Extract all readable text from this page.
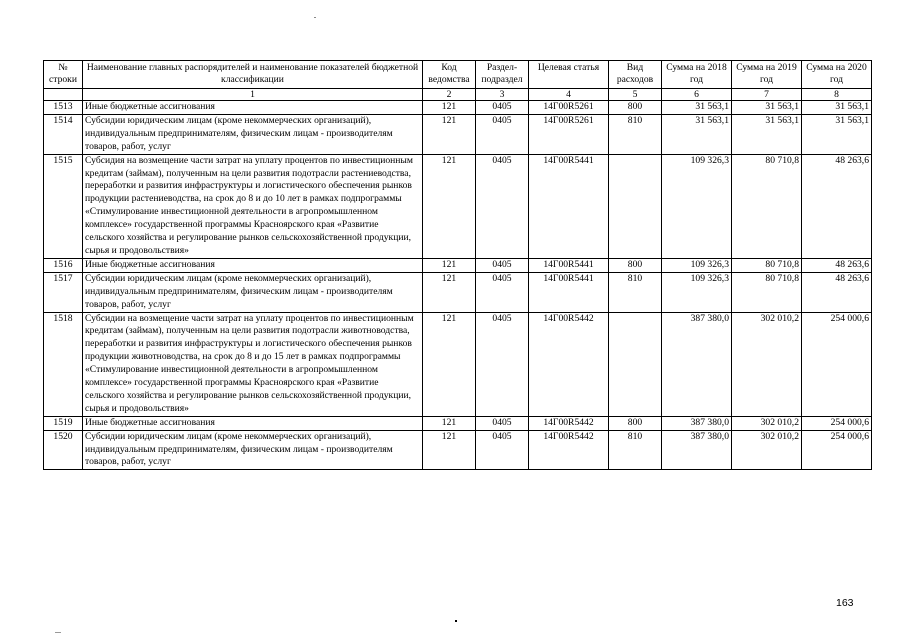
№ строки	Наименование главных распорядителей и наименование показателей бюджетной классификации	Код ведомства	Раздел-подраздел	Целевая статья	Вид расходов	Сумма на 2018 год	Сумма на 2019 год	Сумма на 2020 год
	1	2	3	4	5	6	7	8
1513	Иные бюджетные ассигнования	121	0405	14Г00R5261	800	31 563,1	31 563,1	31 563,1
1514	Субсидии юридическим лицам (кроме некоммерческих организаций), индивидуальным предпринимателям, физическим лицам - производителям товаров, работ, услуг	121	0405	14Г00R5261	810	31 563,1	31 563,1	31 563,1
1515	Субсидия на возмещение части затрат на уплату процентов по инвестиционным кредитам (займам), полученным на цели развития подотрасли растениеводства, переработки и развития инфраструктуры и логистического обеспечения рынков продукции растениеводства, на срок до 8 и до 10 лет в рамках подпрограммы «Стимулирование инвестиционной деятельности в агропромышленном комплексе» государственной программы Красноярского края «Развитие сельского хозяйства и регулирование рынков сельскохозяйственной продукции, сырья и продовольствия»	121	0405	14Г00R5441		109 326,3	80 710,8	48 263,6
1516	Иные бюджетные ассигнования	121	0405	14Г00R5441	800	109 326,3	80 710,8	48 263,6
1517	Субсидии юридическим лицам (кроме некоммерческих организаций), индивидуальным предпринимателям, физическим лицам - производителям товаров, работ, услуг	121	0405	14Г00R5441	810	109 326,3	80 710,8	48 263,6
1518	Субсидии на возмещение части затрат на уплату процентов по инвестиционным кредитам (займам), полученным на цели развития подотрасли животноводства, переработки и развития инфраструктуры и логистического обеспечения рынков продукции животноводства, на срок до 8 и до 15 лет в рамках подпрограммы «Стимулирование инвестиционной деятельности в агропромышленном комплексе» государственной программы Красноярского края «Развитие сельского хозяйства и регулирование рынков сельскохозяйственной продукции, сырья и продовольствия»	121	0405	14Г00R5442		387 380,0	302 010,2	254 000,6
1519	Иные бюджетные ассигнования	121	0405	14Г00R5442	800	387 380,0	302 010,2	254 000,6
1520	Субсидии юридическим лицам (кроме некоммерческих организаций), индивидуальным предпринимателям, физическим лицам - производителям товаров, работ, услуг	121	0405	14Г00R5442	810	387 380,0	302 010,2	254 000,6
163
